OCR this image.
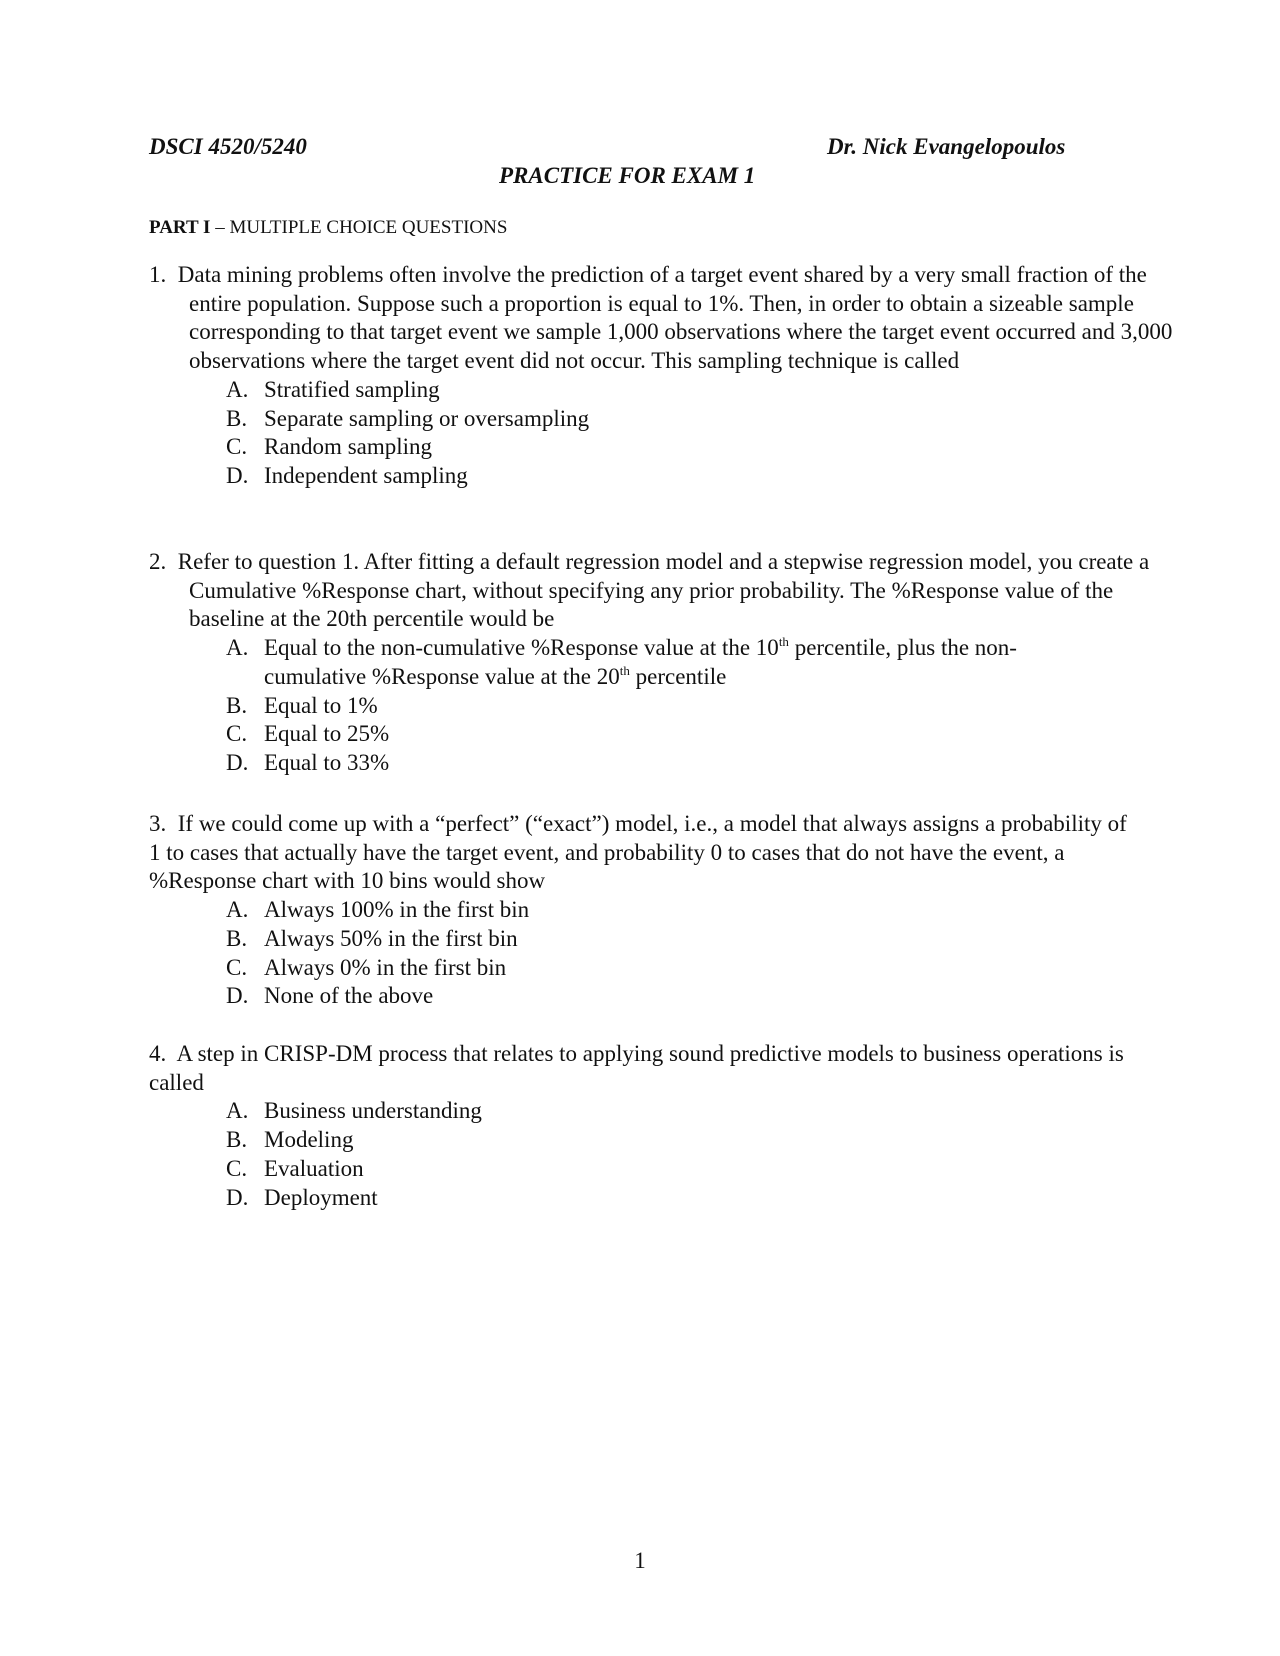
DSCI 4520/5240	Dr. Nick Evangelopoulos
PRACTICE FOR EXAM 1
PART I – MULTIPLE CHOICE QUESTIONS

1. Data mining problems often involve the prediction of a target event shared by a very small fraction of the entire population. Suppose such a proportion is equal to 1%. Then, in order to obtain a sizeable sample corresponding to that target event we sample 1,000 observations where the target event occurred and 3,000 observations where the target event did not occur. This sampling technique is called

A. Stratified sampling
B. Separate sampling or oversampling
C. Random sampling
D. Independent sampling

2. Refer to question 1. After fitting a default regression model and a stepwise regression model, you create a Cumulative %Response chart, without specifying any prior probability. The %Response value of the baseline at the 20th percentile would be

A. Equal to the non-cumulative %Response value at the 10th percentile, plus the non-cumulative %Response value at the 20th percentile
B. Equal to 1%
C. Equal to 25%
D. Equal to 33%

3. If we could come up with a “perfect” (“exact”) model, i.e., a model that always assigns a probability of 1 to cases that actually have the target event, and probability 0 to cases that do not have the event, a %Response chart with 10 bins would show

A. Always 100% in the first bin
B. Always 50% in the first bin
C. Always 0% in the first bin
D. None of the above

4. A step in CRISP-DM process that relates to applying sound predictive models to business operations is called

A. Business understanding
B. Modeling
C. Evaluation
D. Deployment
1
